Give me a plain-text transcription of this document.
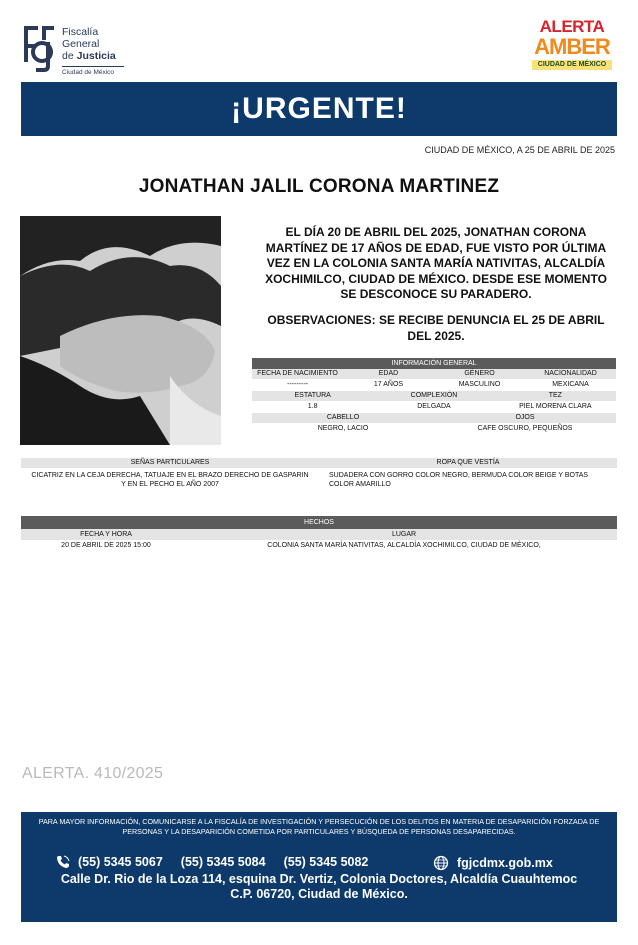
Fiscalía
General
de Justicia
Ciudad de México
ALERTA
AMBER
CIUDAD DE MÉXICO
¡URGENTE!
CIUDAD DE MÉXICO, A 25 DE ABRIL DE 2025
JONATHAN JALIL CORONA MARTINEZ
EL DÍA 20 DE ABRIL DEL 2025, JONATHAN CORONA MARTÍNEZ DE 17 AÑOS DE EDAD, FUE VISTO POR ÚLTIMA VEZ EN LA COLONIA SANTA MARÍA NATIVITAS, ALCALDÍA XOCHIMILCO, CIUDAD DE MÉXICO. DESDE ESE MOMENTO SE DESCONOCE SU PARADERO.
OBSERVACIONES: SE RECIBE DENUNCIA EL 25 DE ABRIL DEL 2025.
INFORMACIÓN GENERAL
FECHA DE NACIMIENTO	EDAD	GÉNERO	NACIONALIDAD
---------	17 AÑOS	MASCULINO	MEXICANA
ESTATURA	COMPLEXIÓN	TEZ
1.8	DELGADA	PIEL MORENA CLARA
CABELLO	OJOS
NEGRO, LACIO	CAFE OSCURO, PEQUEÑOS
SEÑAS PARTICULARES	ROPA QUE VESTÍA
CICATRIZ EN LA CEJA DERECHA, TATUAJE EN EL BRAZO DERECHO DE GASPARIN Y EN EL PECHO EL AÑO 2007
SUDADERA CON GORRO COLOR NEGRO, BERMUDA COLOR BEIGE Y BOTAS COLOR AMARILLO
HECHOS
FECHA Y HORA	LUGAR
20 DE ABRIL DE 2025 15:00	COLONIA SANTA MARÍA NATIVITAS, ALCALDÍA XOCHIMILCO, CIUDAD DE MÉXICO,
ALERTA. 410/2025
PARA MAYOR INFORMACIÓN, COMUNICARSE A LA FISCALÍA DE INVESTIGACIÓN Y PERSECUCIÓN DE LOS DELITOS EN MATERIA DE DESAPARICIÓN FORZADA DE PERSONAS Y LA DESAPARICIÓN COMETIDA POR PARTICULARES Y BÚSQUEDA DE PERSONAS DESAPARECIDAS.
(55) 5345 5067 (55) 5345 5084 (55) 5345 5082	fgjcdmx.gob.mx
Calle Dr. Rio de la Loza 114, esquina Dr. Vertiz, Colonia Doctores, Alcaldía Cuauhtemoc
C.P. 06720, Ciudad de México.
